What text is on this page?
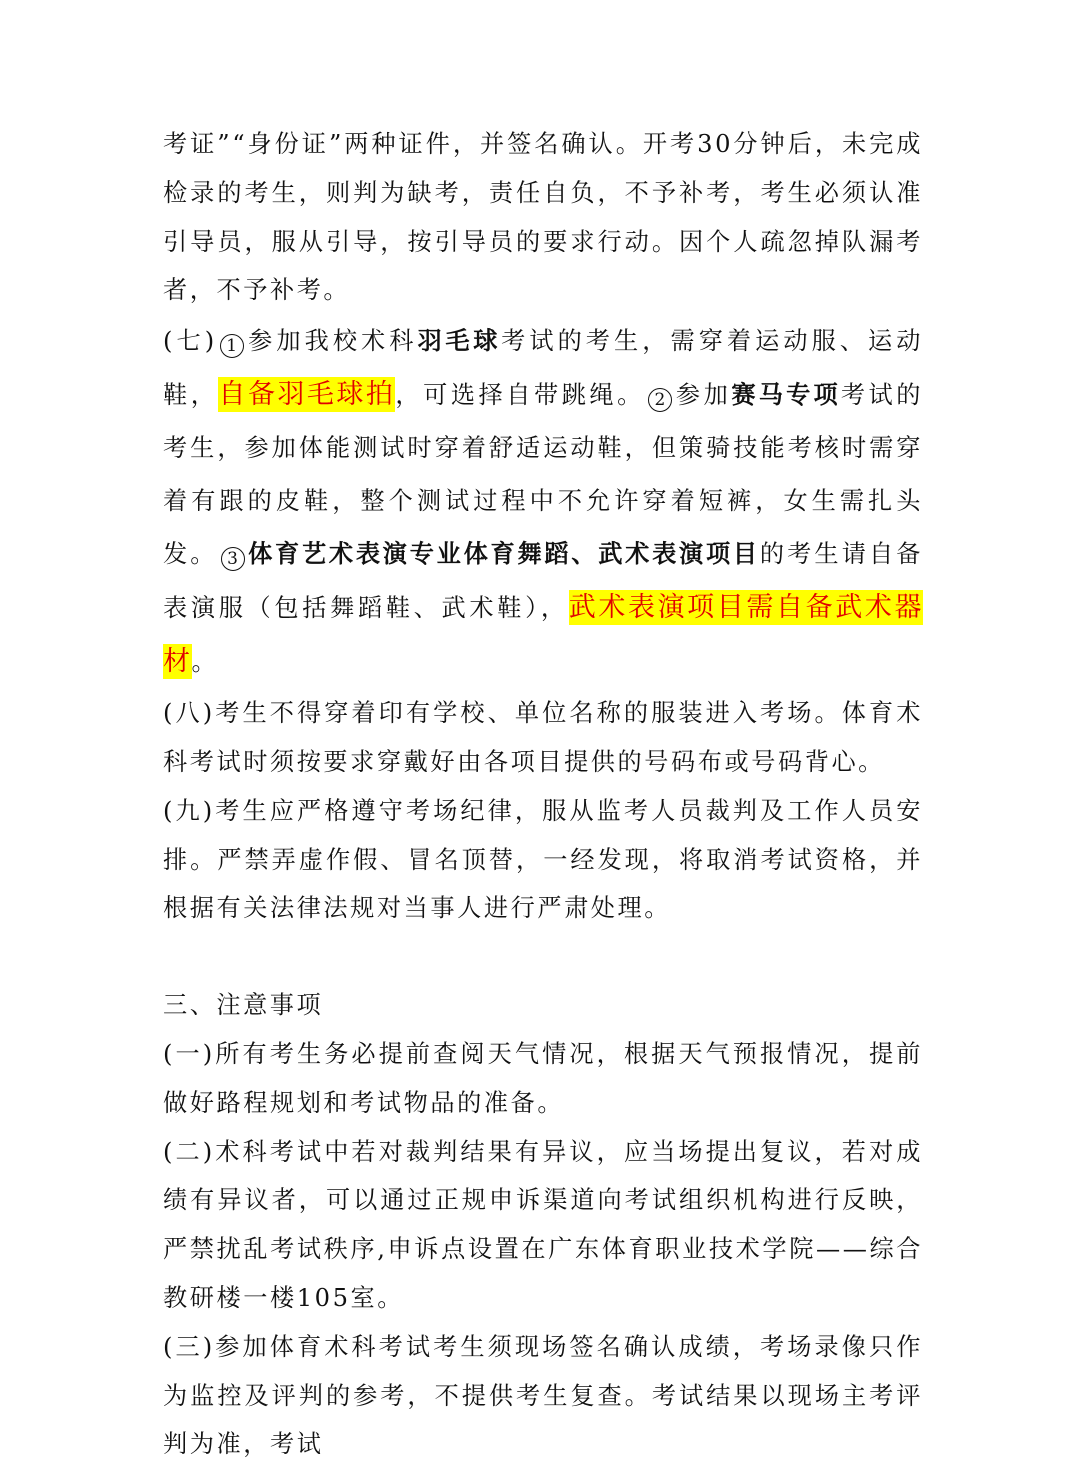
考证”“身份证”两种证件，并签名确认。开考30分钟后，未完成检录的考生，则判为缺考，责任自负，不予补考，考生必须认准引导员，服从引导，按引导员的要求行动。因个人疏忽掉队漏考者，不予补考。

(七) 1 参加我校术科羽毛球考试的考生，需穿着运动服、运动鞋，自备羽毛球拍，可选择自带跳绳。 2 参加赛马专项考试的考生，参加体能测试时穿着舒适运动鞋，但策骑技能考核时需穿着有跟的皮鞋，整个测试过程中不允许穿着短裤，女生需扎头发。 3 体育艺术表演专业体育舞蹈、武术表演项目的考生请自备表演服（包括舞蹈鞋、武术鞋），武术表演项目需自备武术器材。

(八)考生不得穿着印有学校、单位名称的服装进入考场。体育术科考试时须按要求穿戴好由各项目提供的号码布或号码背心。

(九)考生应严格遵守考场纪律，服从监考人员裁判及工作人员安排。严禁弄虚作假、冒名顶替，一经发现，将取消考试资格，并根据有关法律法规对当事人进行严肃处理。

三、注意事项

(一)所有考生务必提前查阅天气情况，根据天气预报情况，提前做好路程规划和考试物品的准备。

(二)术科考试中若对裁判结果有异议，应当场提出复议，若对成绩有异议者，可以通过正规申诉渠道向考试组织机构进行反映，严禁扰乱考试秩序,申诉点设置在广东体育职业技术学院——综合教研楼一楼105室。

(三)参加体育术科考试考生须现场签名确认成绩，考场录像只作为监控及评判的参考，不提供考生复查。考试结果以现场主考评判为准，考试
